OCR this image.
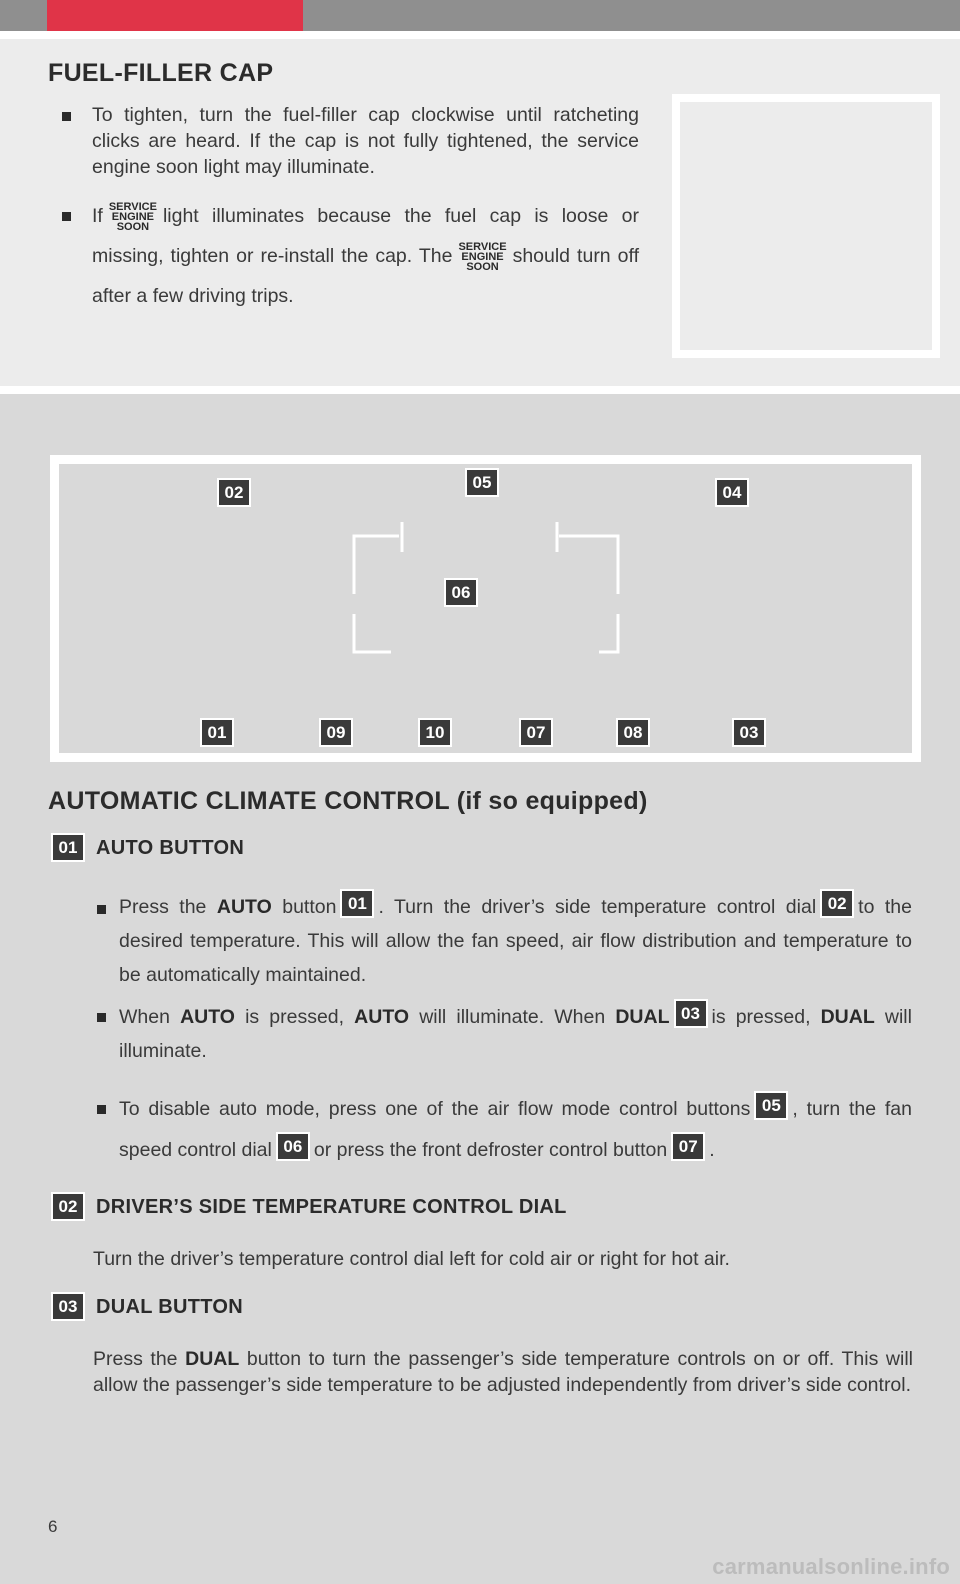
FUEL-FILLER CAP

To tighten, turn the fuel-filler cap clockwise until ratcheting clicks are heard. If the cap is not fully tightened, the service engine soon light may illuminate.

If SERVICE
ENGINE
SOON light illuminates because the fuel cap is loose or missing, tighten or re-install the cap. The SERVICE
ENGINE
SOON should turn off after a few driving trips.

02
05
04
06
01	09	10	07	08	03
AUTOMATIC CLIMATE CONTROL (if so equipped)
01 AUTO BUTTON

Press the AUTO button 01 . Turn the driver’s side temperature control dial 02 to the desired temperature. This will allow the fan speed, air flow distribution and temperature to be automatically maintained.

When AUTO is pressed, AUTO will illuminate. When DUAL 03 is pressed, DUAL will illuminate.

To disable auto mode, press one of the air flow mode control buttons 05 , turn the fan speed control dial 06 or press the front defroster control button 07 .

02 DRIVER’S SIDE TEMPERATURE CONTROL DIAL

Turn the driver’s temperature control dial left for cold air or right for hot air.

03 DUAL BUTTON

Press the DUAL button to turn the passenger’s side temperature controls on or off. This will allow the passenger’s side temperature to be adjusted independently from driver’s side control.

6
carmanualsonline.info
